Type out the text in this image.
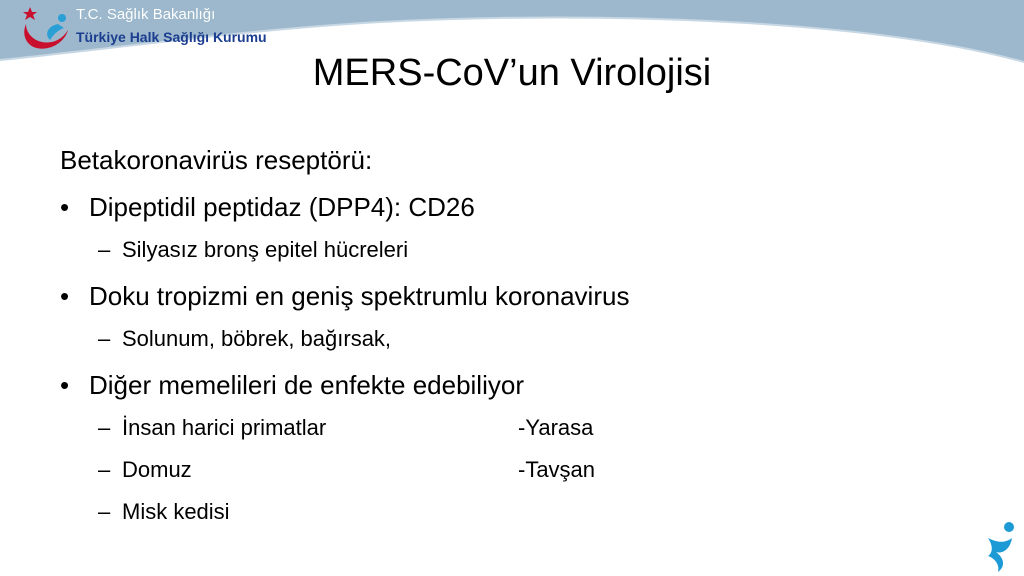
T.C. Sağlık Bakanlığı
Türkiye Halk Sağlığı Kurumu
MERS-CoV’un Virolojisi
Betakoronavirüs reseptörü:
• Dipeptidil peptidaz (DPP4): CD26
– Silyasız bronş epitel hücreleri
• Doku tropizmi en geniş spektrumlu koronavirus
– Solunum, böbrek, bağırsak,
• Diğer memelileri de enfekte edebiliyor
– İnsan harici primatlar	-Yarasa
– Domuz	-Tavşan
– Misk kedisi
